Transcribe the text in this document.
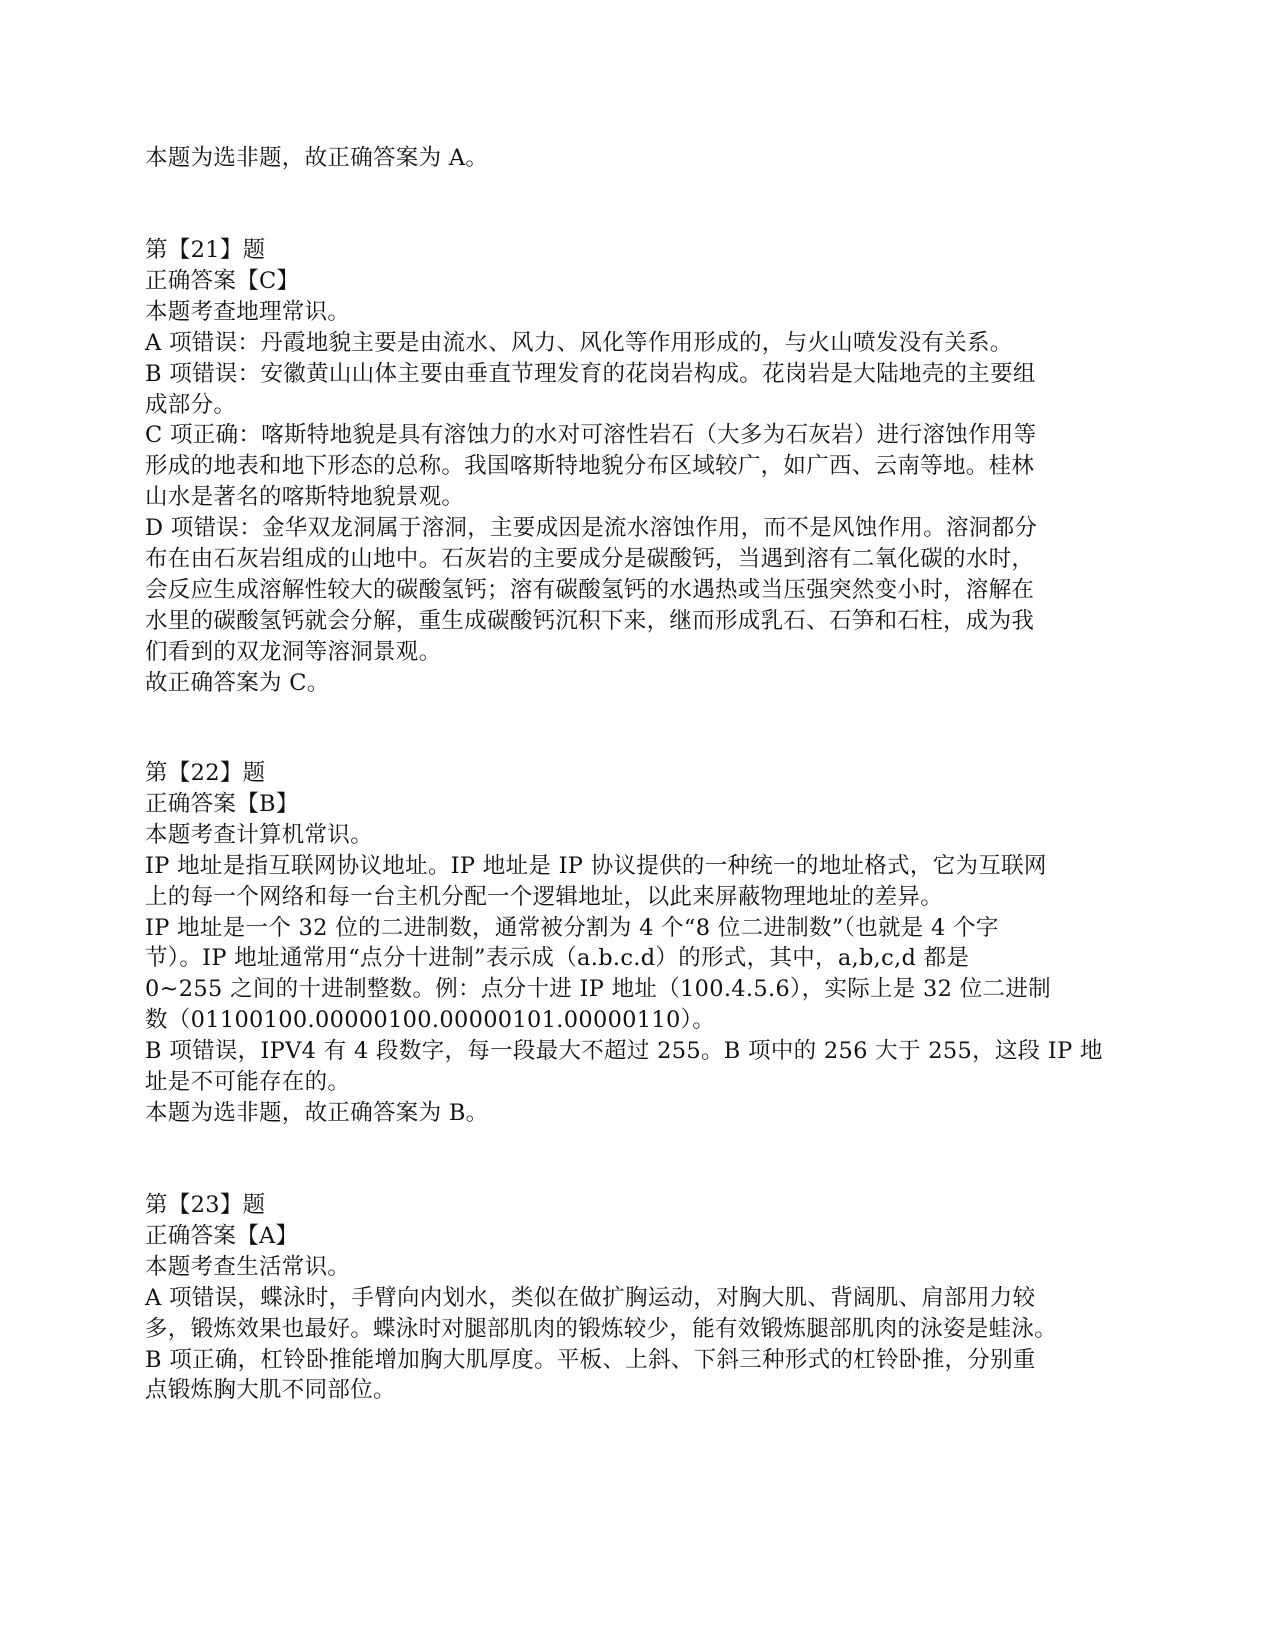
本题为选非题，故正确答案为 A。
第【21】题
正确答案【C】
本题考查地理常识。
A 项错误：丹霞地貌主要是由流水、风力、风化等作用形成的，与火山喷发没有关系。
B 项错误：安徽黄山山体主要由垂直节理发育的花岗岩构成。花岗岩是大陆地壳的主要组
成部分。
C 项正确：喀斯特地貌是具有溶蚀力的水对可溶性岩石（大多为石灰岩）进行溶蚀作用等
形成的地表和地下形态的总称。我国喀斯特地貌分布区域较广，如广西、云南等地。桂林
山水是著名的喀斯特地貌景观。
D 项错误：金华双龙洞属于溶洞，主要成因是流水溶蚀作用，而不是风蚀作用。溶洞都分
布在由石灰岩组成的山地中。石灰岩的主要成分是碳酸钙，当遇到溶有二氧化碳的水时，
会反应生成溶解性较大的碳酸氢钙；溶有碳酸氢钙的水遇热或当压强突然变小时，溶解在
水里的碳酸氢钙就会分解，重生成碳酸钙沉积下来，继而形成乳石、石笋和石柱，成为我
们看到的双龙洞等溶洞景观。
故正确答案为 C。
第【22】题
正确答案【B】
本题考查计算机常识。
IP 地址是指互联网协议地址。IP 地址是 IP 协议提供的一种统一的地址格式，它为互联网
上的每一个网络和每一台主机分配一个逻辑地址，以此来屏蔽物理地址的差异。
IP 地址是一个 32 位的二进制数，通常被分割为 4 个“8 位二进制数”（也就是 4 个字
节）。IP 地址通常用“点分十进制”表示成（a.b.c.d）的形式，其中，a,b,c,d 都是
0~255 之间的十进制整数。例：点分十进 IP 地址（100.4.5.6），实际上是 32 位二进制
数（01100100.00000100.00000101.00000110）。
B 项错误，IPV4 有 4 段数字，每一段最大不超过 255。B 项中的 256 大于 255，这段 IP 地
址是不可能存在的。
本题为选非题，故正确答案为 B。
第【23】题
正确答案【A】
本题考查生活常识。
A 项错误，蝶泳时，手臂向内划水，类似在做扩胸运动，对胸大肌、背阔肌、肩部用力较
多，锻炼效果也最好。蝶泳时对腿部肌肉的锻炼较少，能有效锻炼腿部肌肉的泳姿是蛙泳。
B 项正确，杠铃卧推能增加胸大肌厚度。平板、上斜、下斜三种形式的杠铃卧推，分别重
点锻炼胸大肌不同部位。
